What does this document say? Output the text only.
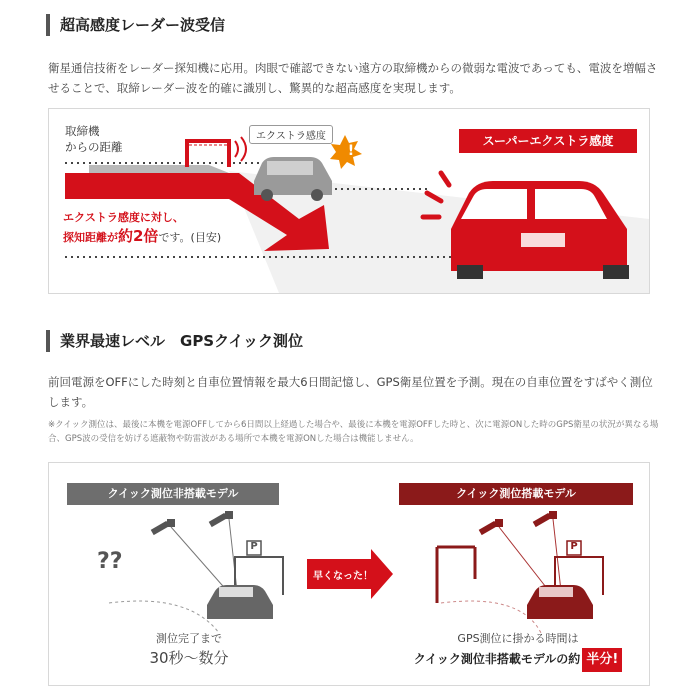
超高感度レーダー波受信
衛星通信技術をレーダー探知機に応用。肉眼で確認できない遠方の取締機からの微弱な電波であっても、電波を増幅させることで、取締レーダー波を的確に識別し、驚異的な超高感度を実現します。
取締機
からの距離
エクストラ感度
!
スーパーエクストラ感度
エクストラ感度に対し、
探知距離が約2倍です。(目安)
業界最速レベル　GPSクイック測位
前回電源をOFFにした時刻と自車位置情報を最大6日間記憶し、GPS衛星位置を予測。現在の自車位置をすばやく測位します。
※クイック測位は、最後に本機を電源OFFしてから6日間以上経過した場合や、最後に本機を電源OFFした時と、次に電源ONした時のGPS衛星の状況が異なる場合、GPS波の受信を妨げる遮蔽物や防雷波がある場所で本機を電源ONした場合は機能しません。
クイック測位非搭載モデル	クイック測位搭載モデル
??
P	P
早くなった！
測位完了まで
30秒〜数分
GPS測位に掛かる時間は
クイック測位非搭載モデルの約 半分!
